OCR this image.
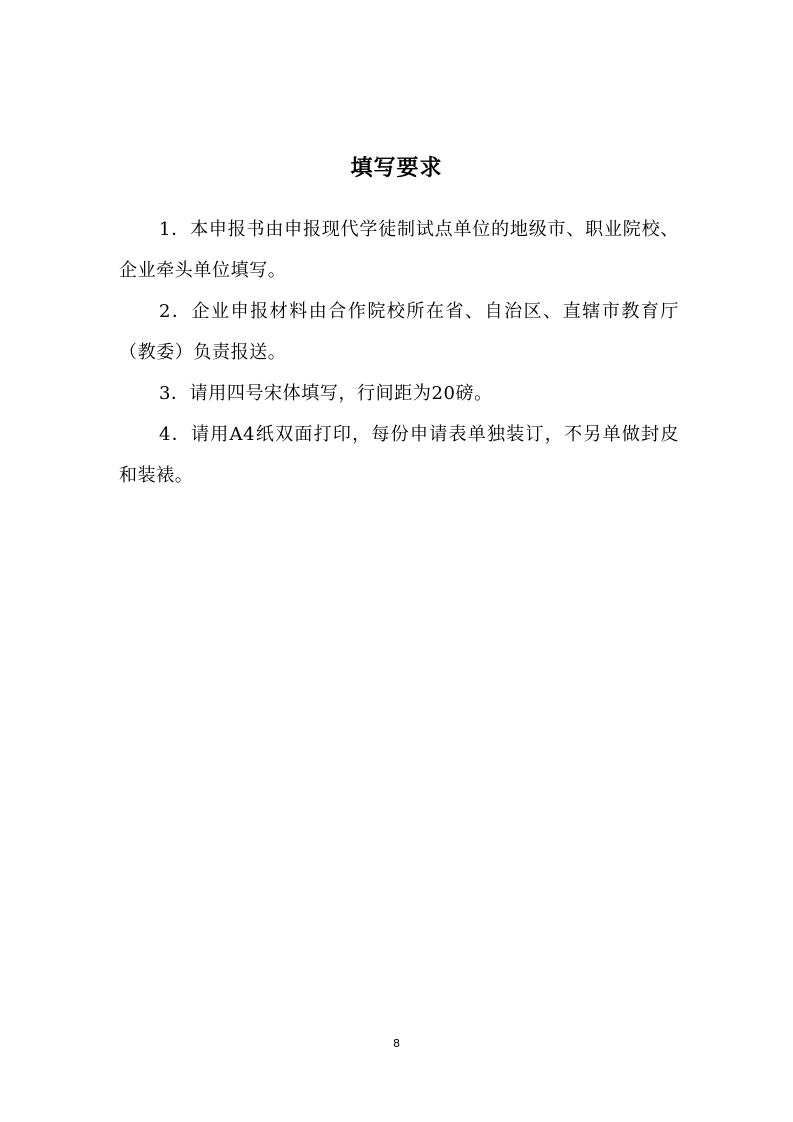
填写要求

1．本申报书由申报现代学徒制试点单位的地级市、职业院校、企业牵头单位填写。

2．企业申报材料由合作院校所在省、自治区、直辖市教育厅（教委）负责报送。

3．请用四号宋体填写，行间距为20磅。

4．请用A4纸双面打印，每份申请表单独装订，不另单做封皮和装裱。

8
